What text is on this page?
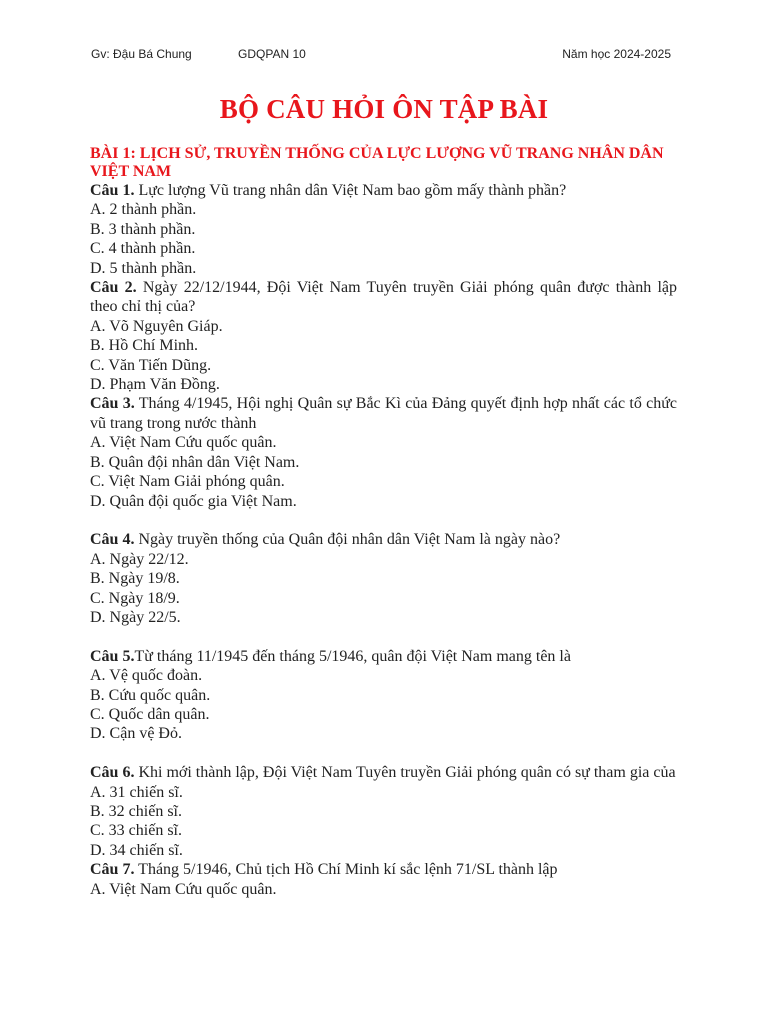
Gv: Đậu Bá Chung	GDQPAN 10	Năm học 2024-2025
BỘ CÂU HỎI ÔN TẬP BÀI
BÀI 1: LỊCH SỬ, TRUYỀN THỐNG CỦA LỰC LƯỢNG VŨ TRANG NHÂN DÂN VIỆT NAM
Câu 1. Lực lượng Vũ trang nhân dân Việt Nam bao gồm mấy thành phần?
A. 2 thành phần.
B. 3 thành phần.
C. 4 thành phần.
D. 5 thành phần.
Câu 2. Ngày 22/12/1944, Đội Việt Nam Tuyên truyền Giải phóng quân được thành lập theo chỉ thị của?
A. Võ Nguyên Giáp.
B. Hồ Chí Minh.
C. Văn Tiến Dũng.
D. Phạm Văn Đồng.
Câu 3. Tháng 4/1945, Hội nghị Quân sự Bắc Kì của Đảng quyết định hợp nhất các tổ chức vũ trang trong nước thành
A. Việt Nam Cứu quốc quân.
B. Quân đội nhân dân Việt Nam.
C. Việt Nam Giải phóng quân.
D. Quân đội quốc gia Việt Nam.
Câu 4. Ngày truyền thống của Quân đội nhân dân Việt Nam là ngày nào?
A. Ngày 22/12.
B. Ngày 19/8.
C. Ngày 18/9.
D. Ngày 22/5.
Câu 5.Từ tháng 11/1945 đến tháng 5/1946, quân đội Việt Nam mang tên là
A. Vệ quốc đoàn.
B. Cứu quốc quân.
C. Quốc dân quân.
D. Cận vệ Đỏ.
Câu 6. Khi mới thành lập, Đội Việt Nam Tuyên truyền Giải phóng quân có sự tham gia của
A. 31 chiến sĩ.
B. 32 chiến sĩ.
C. 33 chiến sĩ.
D. 34 chiến sĩ.
Câu 7. Tháng 5/1946, Chủ tịch Hồ Chí Minh kí sắc lệnh 71/SL thành lập
A. Việt Nam Cứu quốc quân.
